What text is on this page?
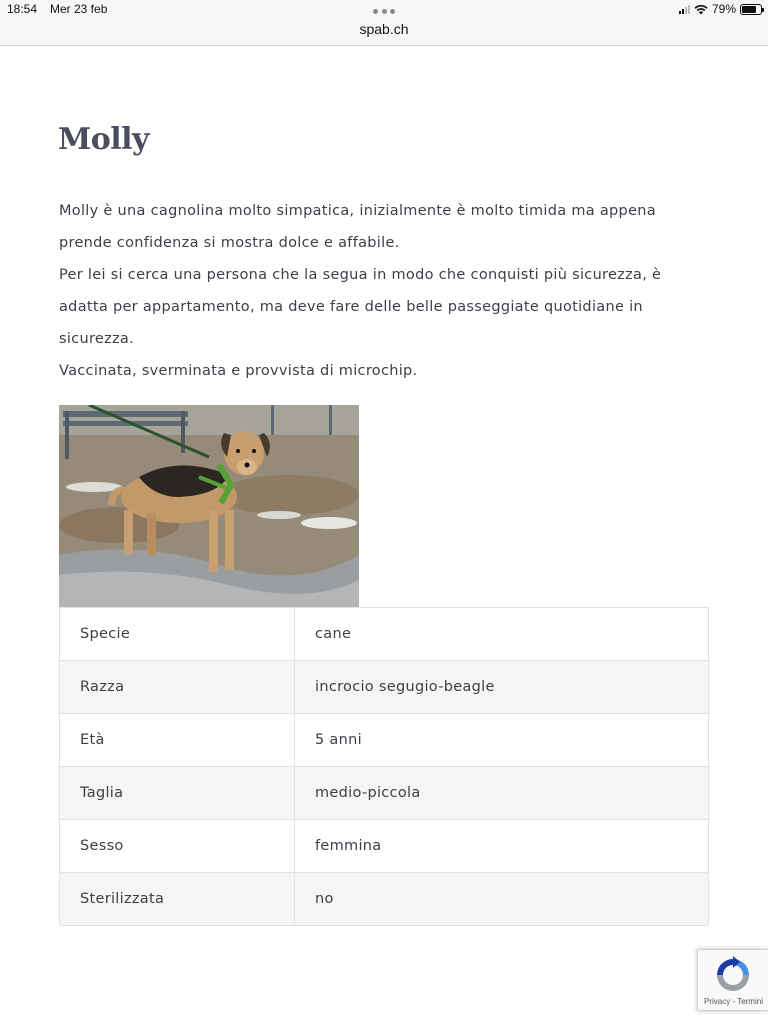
18:54 Mer 23 feb
spab.ch
79%
Molly

Molly è una cagnolina molto simpatica, inizialmente è molto timida ma appena prende confidenza si mostra dolce e affabile.

Per lei si cerca una persona che la segua in modo che conquisti più sicurezza, è adatta per appartamento, ma deve fare delle belle passeggiate quotidiane in sicurezza.

Vaccinata, sverminata e provvista di microchip.

Specie	cane
Razza	incrocio segugio-beagle
Età	5 anni
Taglia	medio-piccola
Sesso	femmina
Sterilizzata	no
Privacy - Termini
